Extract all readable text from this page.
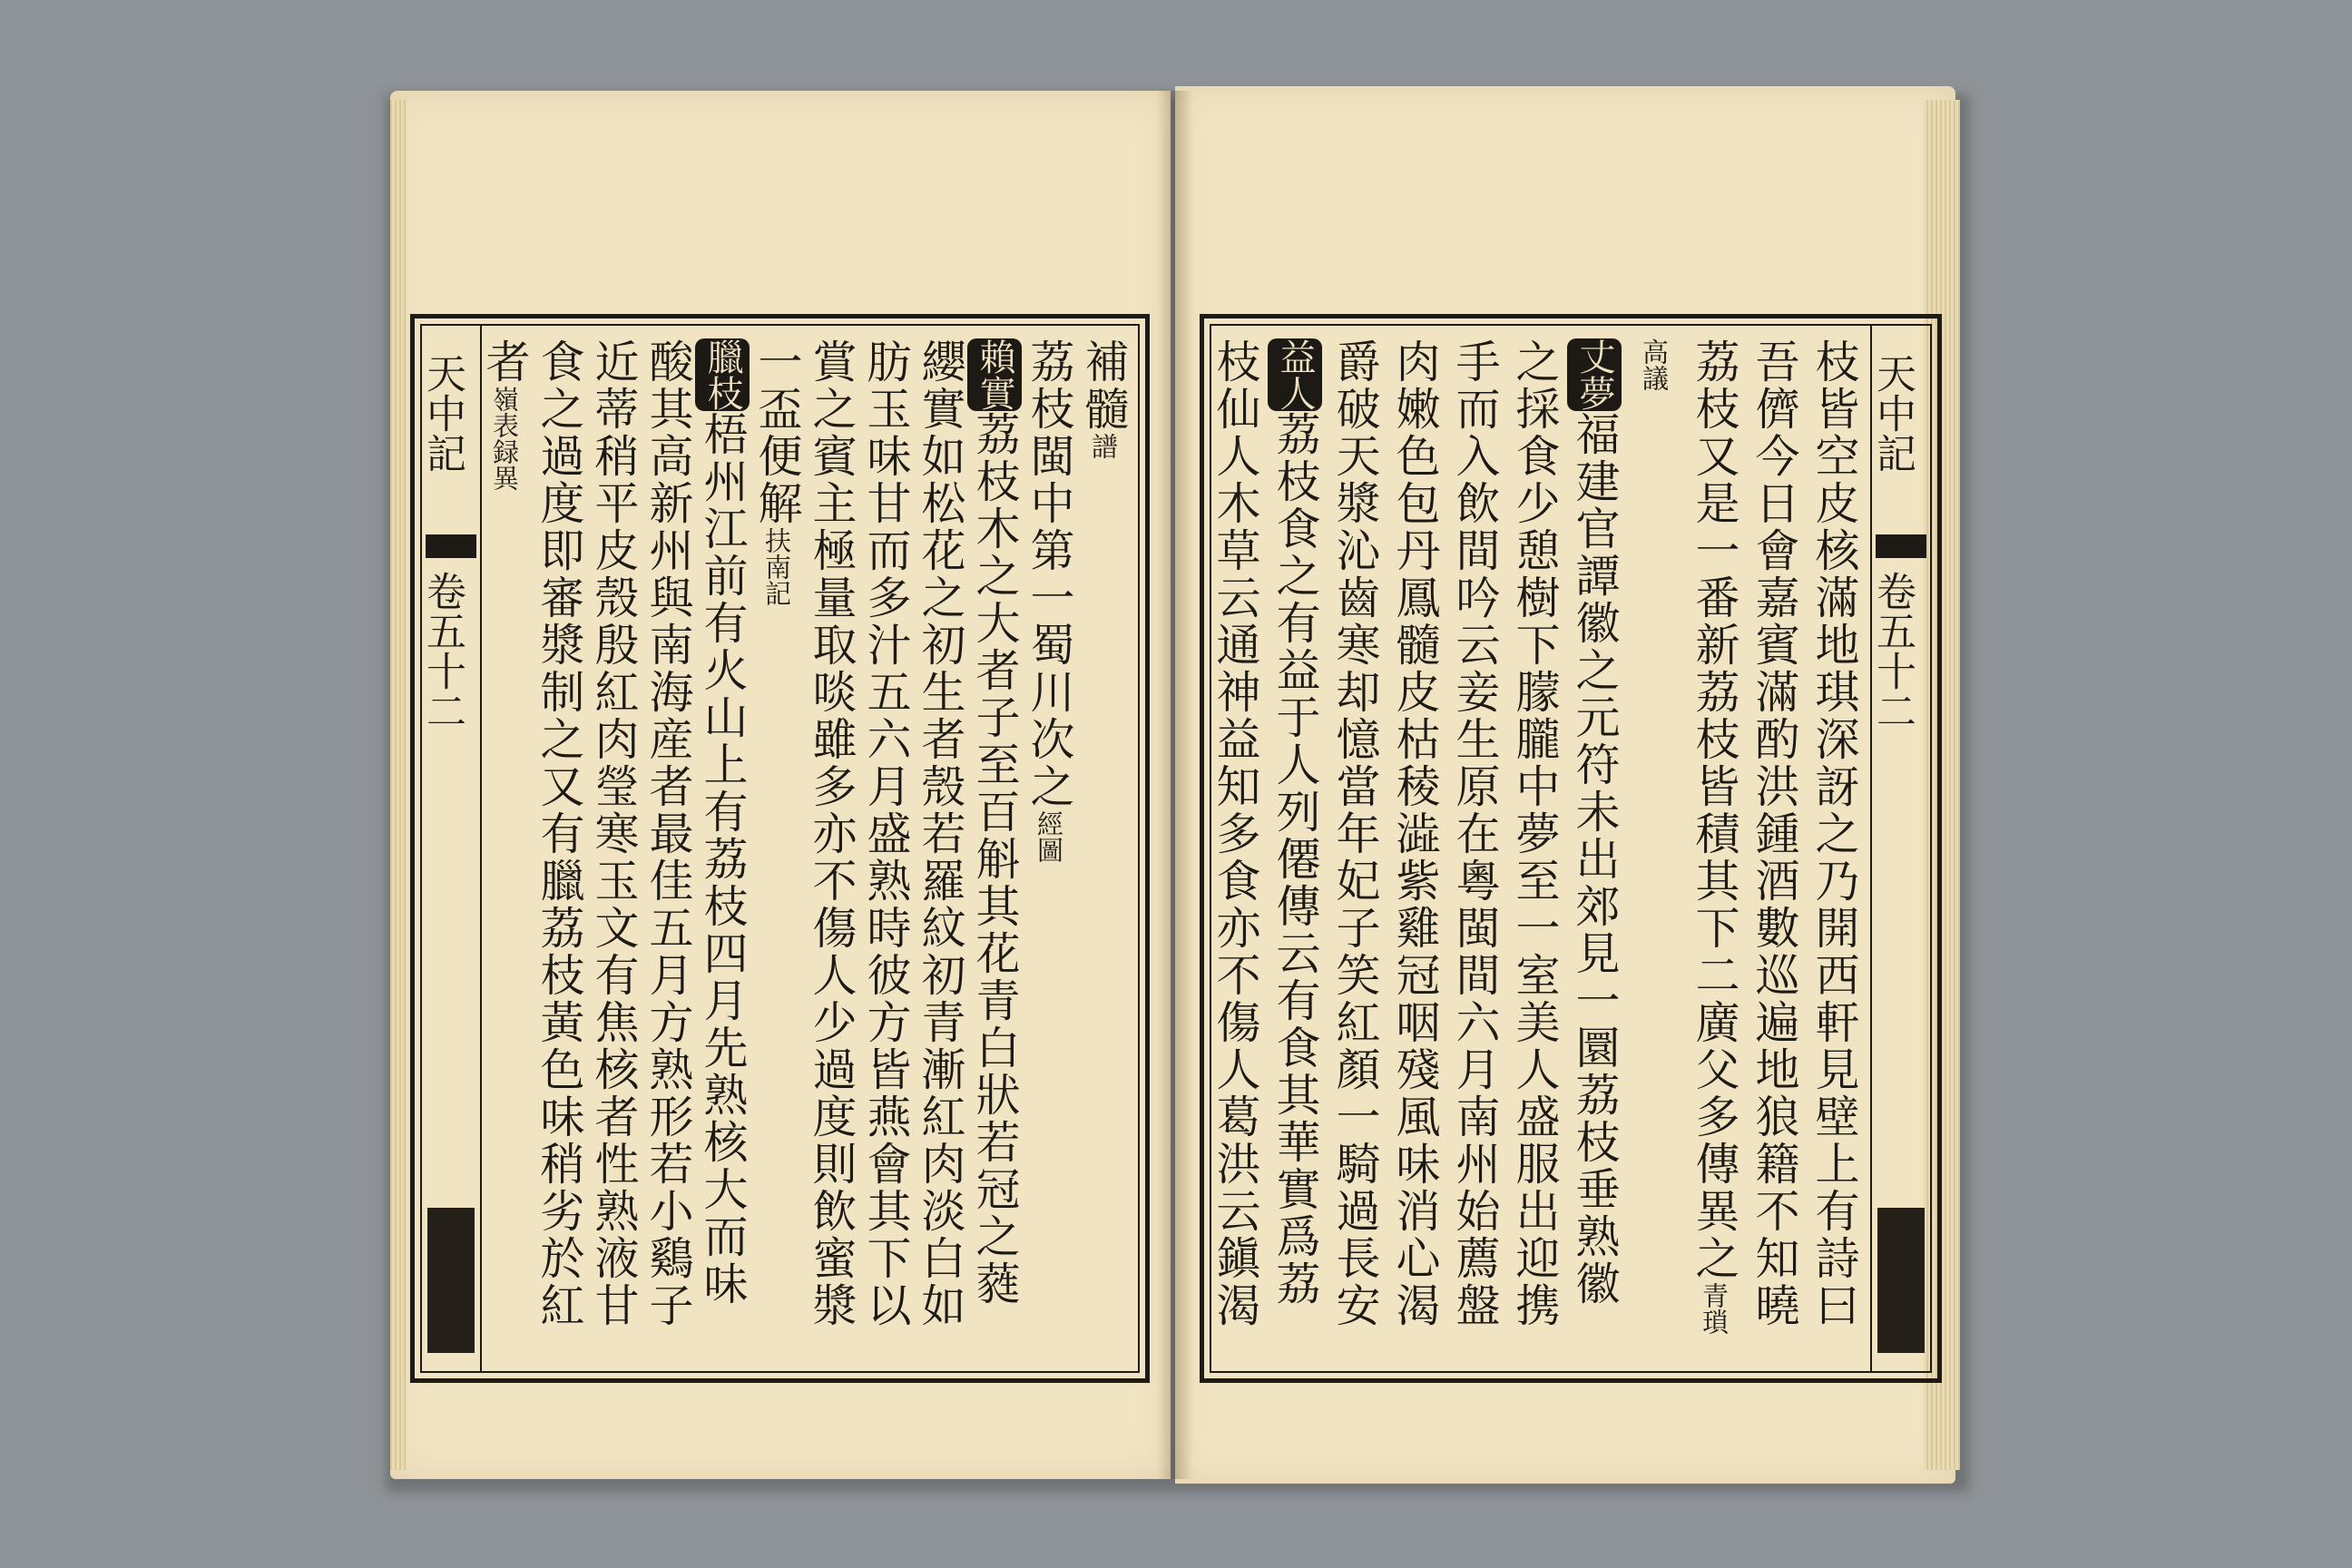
天中記
卷五十二
補髓譜
荔枝閩中第一蜀川次之經圖
賴實荔枝木之大者子至百斛其花青白狀若冠之蕤
纓實如松花之初生者殼若羅紋初青漸紅肉淡白如
肪玉味甘而多汁五六月盛熟時彼方皆燕會其下以
賞之賓主極量取啖雖多亦不傷人少過度則飲蜜漿
一盃便解扶南記
臘枝梧州江前有火山上有荔枝四月先熟核大而味
酸其高新州與南海産者最佳五月方熟形若小鷄子
近蒂稍平皮殼殷紅肉瑩寒玉文有焦核者性熟液甘
食之過度即審漿制之又有臘荔枝黃色味稍劣於紅
者嶺表録異	天中記
卷五十二
枝皆空皮核滿地琪深訝之乃開西軒見壁上有詩曰
吾儕今日會嘉賓滿酌洪鍾酒數巡遍地狼籍不知曉
荔枝又是一番新荔枝皆積其下二廣父多傳異之青瑣
高議
丈夢福建官譚徽之元符未出郊見一圜荔枝垂熟徽
之採食少憩樹下朦朧中夢至一室美人盛服出迎携
手而入飲間吟云妾生原在粵閩間六月南州始薦盤
肉嫩色包丹鳳髓皮枯稜澁紫雞冠咽殘風味消心渴
爵破天漿沁齒寒却憶當年妃子笑紅顏一騎過長安
益人荔枝食之有益于人列僊傳云有食其華實爲荔
枝仙人木草云通神益知多食亦不傷人葛洪云鎭渴
